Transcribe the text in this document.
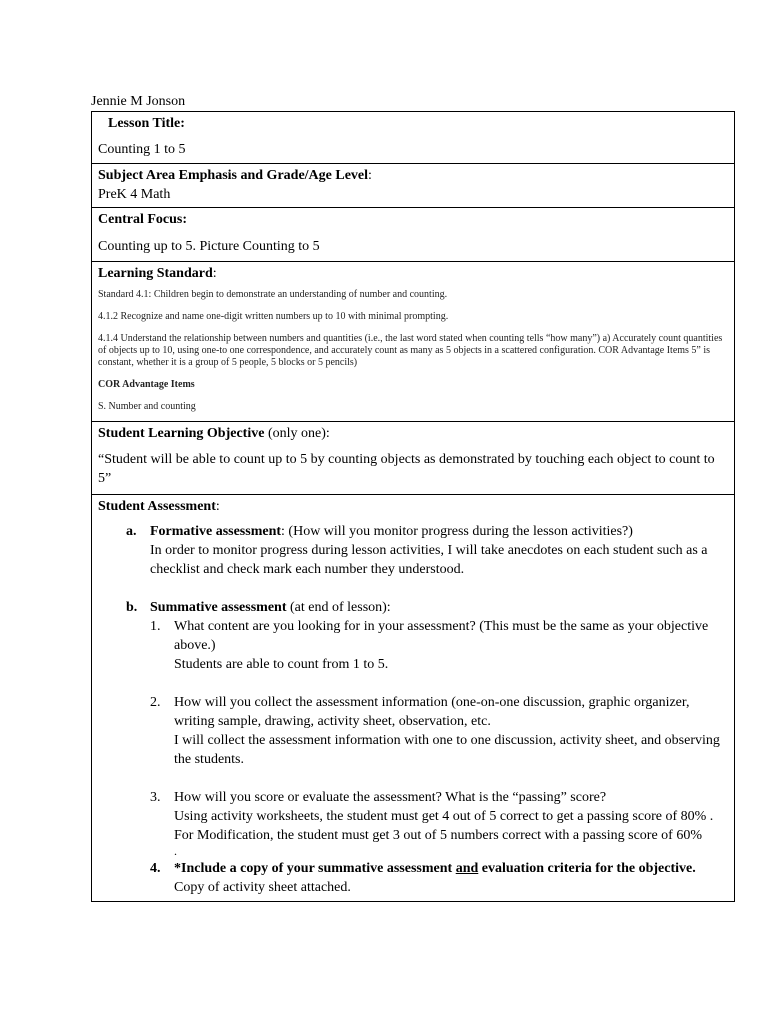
Jennie M Jonson
Lesson Title:
Counting 1 to 5

Subject Area Emphasis and Grade/Age Level:
PreK 4 Math

Central Focus:
Counting up to 5. Picture Counting to 5

Learning Standard:
Standard 4.1: Children begin to demonstrate an understanding of number and counting.
4.1.2 Recognize and name one-digit written numbers up to 10 with minimal prompting.
4.1.4 Understand the relationship between numbers and quantities (i.e., the last word stated when counting tells “how many”) a) Accurately count quantities of objects up to 10, using one-to one correspondence, and accurately count as many as 5 objects in a scattered configuration. COR Advantage Items 5” is constant, whether it is a group of 5 people, 5 blocks or 5 pencils)
COR Advantage Items
S. Number and counting

Student Learning Objective (only one):
“Student will be able to count up to 5 by counting objects as demonstrated by touching each object to count to 5”

Student Assessment:
a. Formative assessment: (How will you monitor progress during the lesson activities?)
In order to monitor progress during lesson activities, I will take anecdotes on each student such as a checklist and check mark each number they understood.
b. Summative assessment (at end of lesson):
1. What content are you looking for in your assessment? (This must be the same as your objective above.)
Students are able to count from 1 to 5.
2. How will you collect the assessment information (one-on-one discussion, graphic organizer, writing sample, drawing, activity sheet, observation, etc.
I will collect the assessment information with one to one discussion, activity sheet, and observing the students.
3. How will you score or evaluate the assessment? What is the “passing” score?
Using activity worksheets, the student must get 4 out of 5 correct to get a passing score of 80% . For Modification, the student must get 3 out of 5 numbers correct with a passing score of 60%
.
4. *Include a copy of your summative assessment and evaluation criteria for the objective.
Copy of activity sheet attached.
